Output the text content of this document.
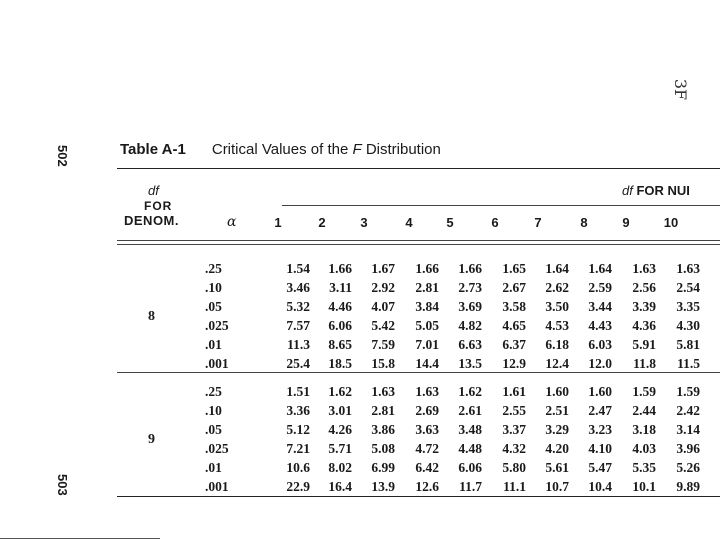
502
503
3F
Table A-1 Critical Values of the F Distribution
df
FOR
DENOM.	α
df FOR NUI
1	2	3	4	5	6	7	8	9	10
8
.25	1.54	1.66	1.67	1.66	1.66	1.65	1.64	1.64	1.63	1.63
.10	3.46	3.11	2.92	2.81	2.73	2.67	2.62	2.59	2.56	2.54
.05	5.32	4.46	4.07	3.84	3.69	3.58	3.50	3.44	3.39	3.35
.025	7.57	6.06	5.42	5.05	4.82	4.65	4.53	4.43	4.36	4.30
.01	11.3	8.65	7.59	7.01	6.63	6.37	6.18	6.03	5.91	5.81
.001	25.4	18.5	15.8	14.4	13.5	12.9	12.4	12.0	11.8	11.5
9
.25	1.51	1.62	1.63	1.63	1.62	1.61	1.60	1.60	1.59	1.59
.10	3.36	3.01	2.81	2.69	2.61	2.55	2.51	2.47	2.44	2.42
.05	5.12	4.26	3.86	3.63	3.48	3.37	3.29	3.23	3.18	3.14
.025	7.21	5.71	5.08	4.72	4.48	4.32	4.20	4.10	4.03	3.96
.01	10.6	8.02	6.99	6.42	6.06	5.80	5.61	5.47	5.35	5.26
.001	22.9	16.4	13.9	12.6	11.7	11.1	10.7	10.4	10.1	9.89
